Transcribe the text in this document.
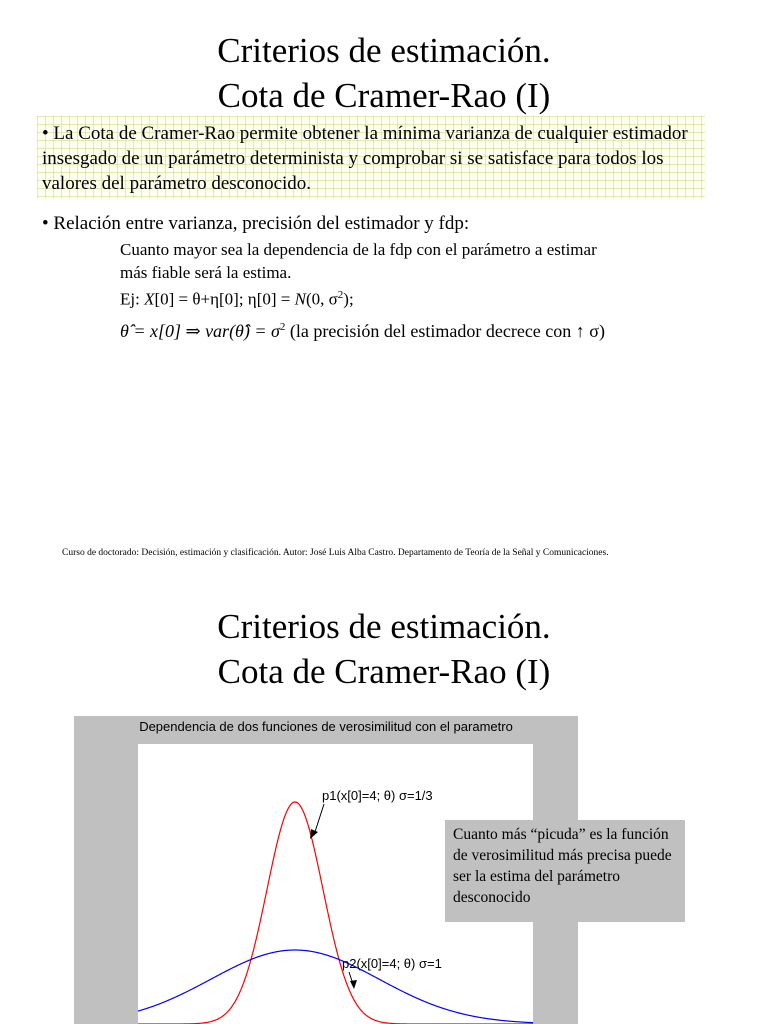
Criterios de estimación.
Cota de Cramer-Rao (I)
• La Cota de Cramer-Rao permite obtener la mínima varianza de cualquier estimador insesgado de un parámetro determinista y comprobar si se satisface para todos los valores del parámetro desconocido.
• Relación entre varianza, precisión del estimador y fdp:
Cuanto mayor sea la dependencia de la fdp con el parámetro a estimar
más fiable será la estima.
Ej: X[0] = θ+η[0]; η[0] = N(0, $\sigma^2$);
θ̂ = x[0] ⇒ var(θ̂) = $\sigma^2$ (la precisión del estimador decrece con ↑ σ)
Curso de doctorado: Decisión, estimación y clasificación. Autor: José Luis Alba Castro. Departamento de Teoría de la Señal y Comunicaciones.
Criterios de estimación.
Cota de Cramer-Rao (I)
Dependencia de dos funciones de verosimilitud con el parametro
p1(x[0]=4; θ) σ=1/3
p2(x[0]=4; θ) σ=1
Cuanto más “picuda” es la función de verosimilitud más precisa puede ser la estima del parámetro desconocido
